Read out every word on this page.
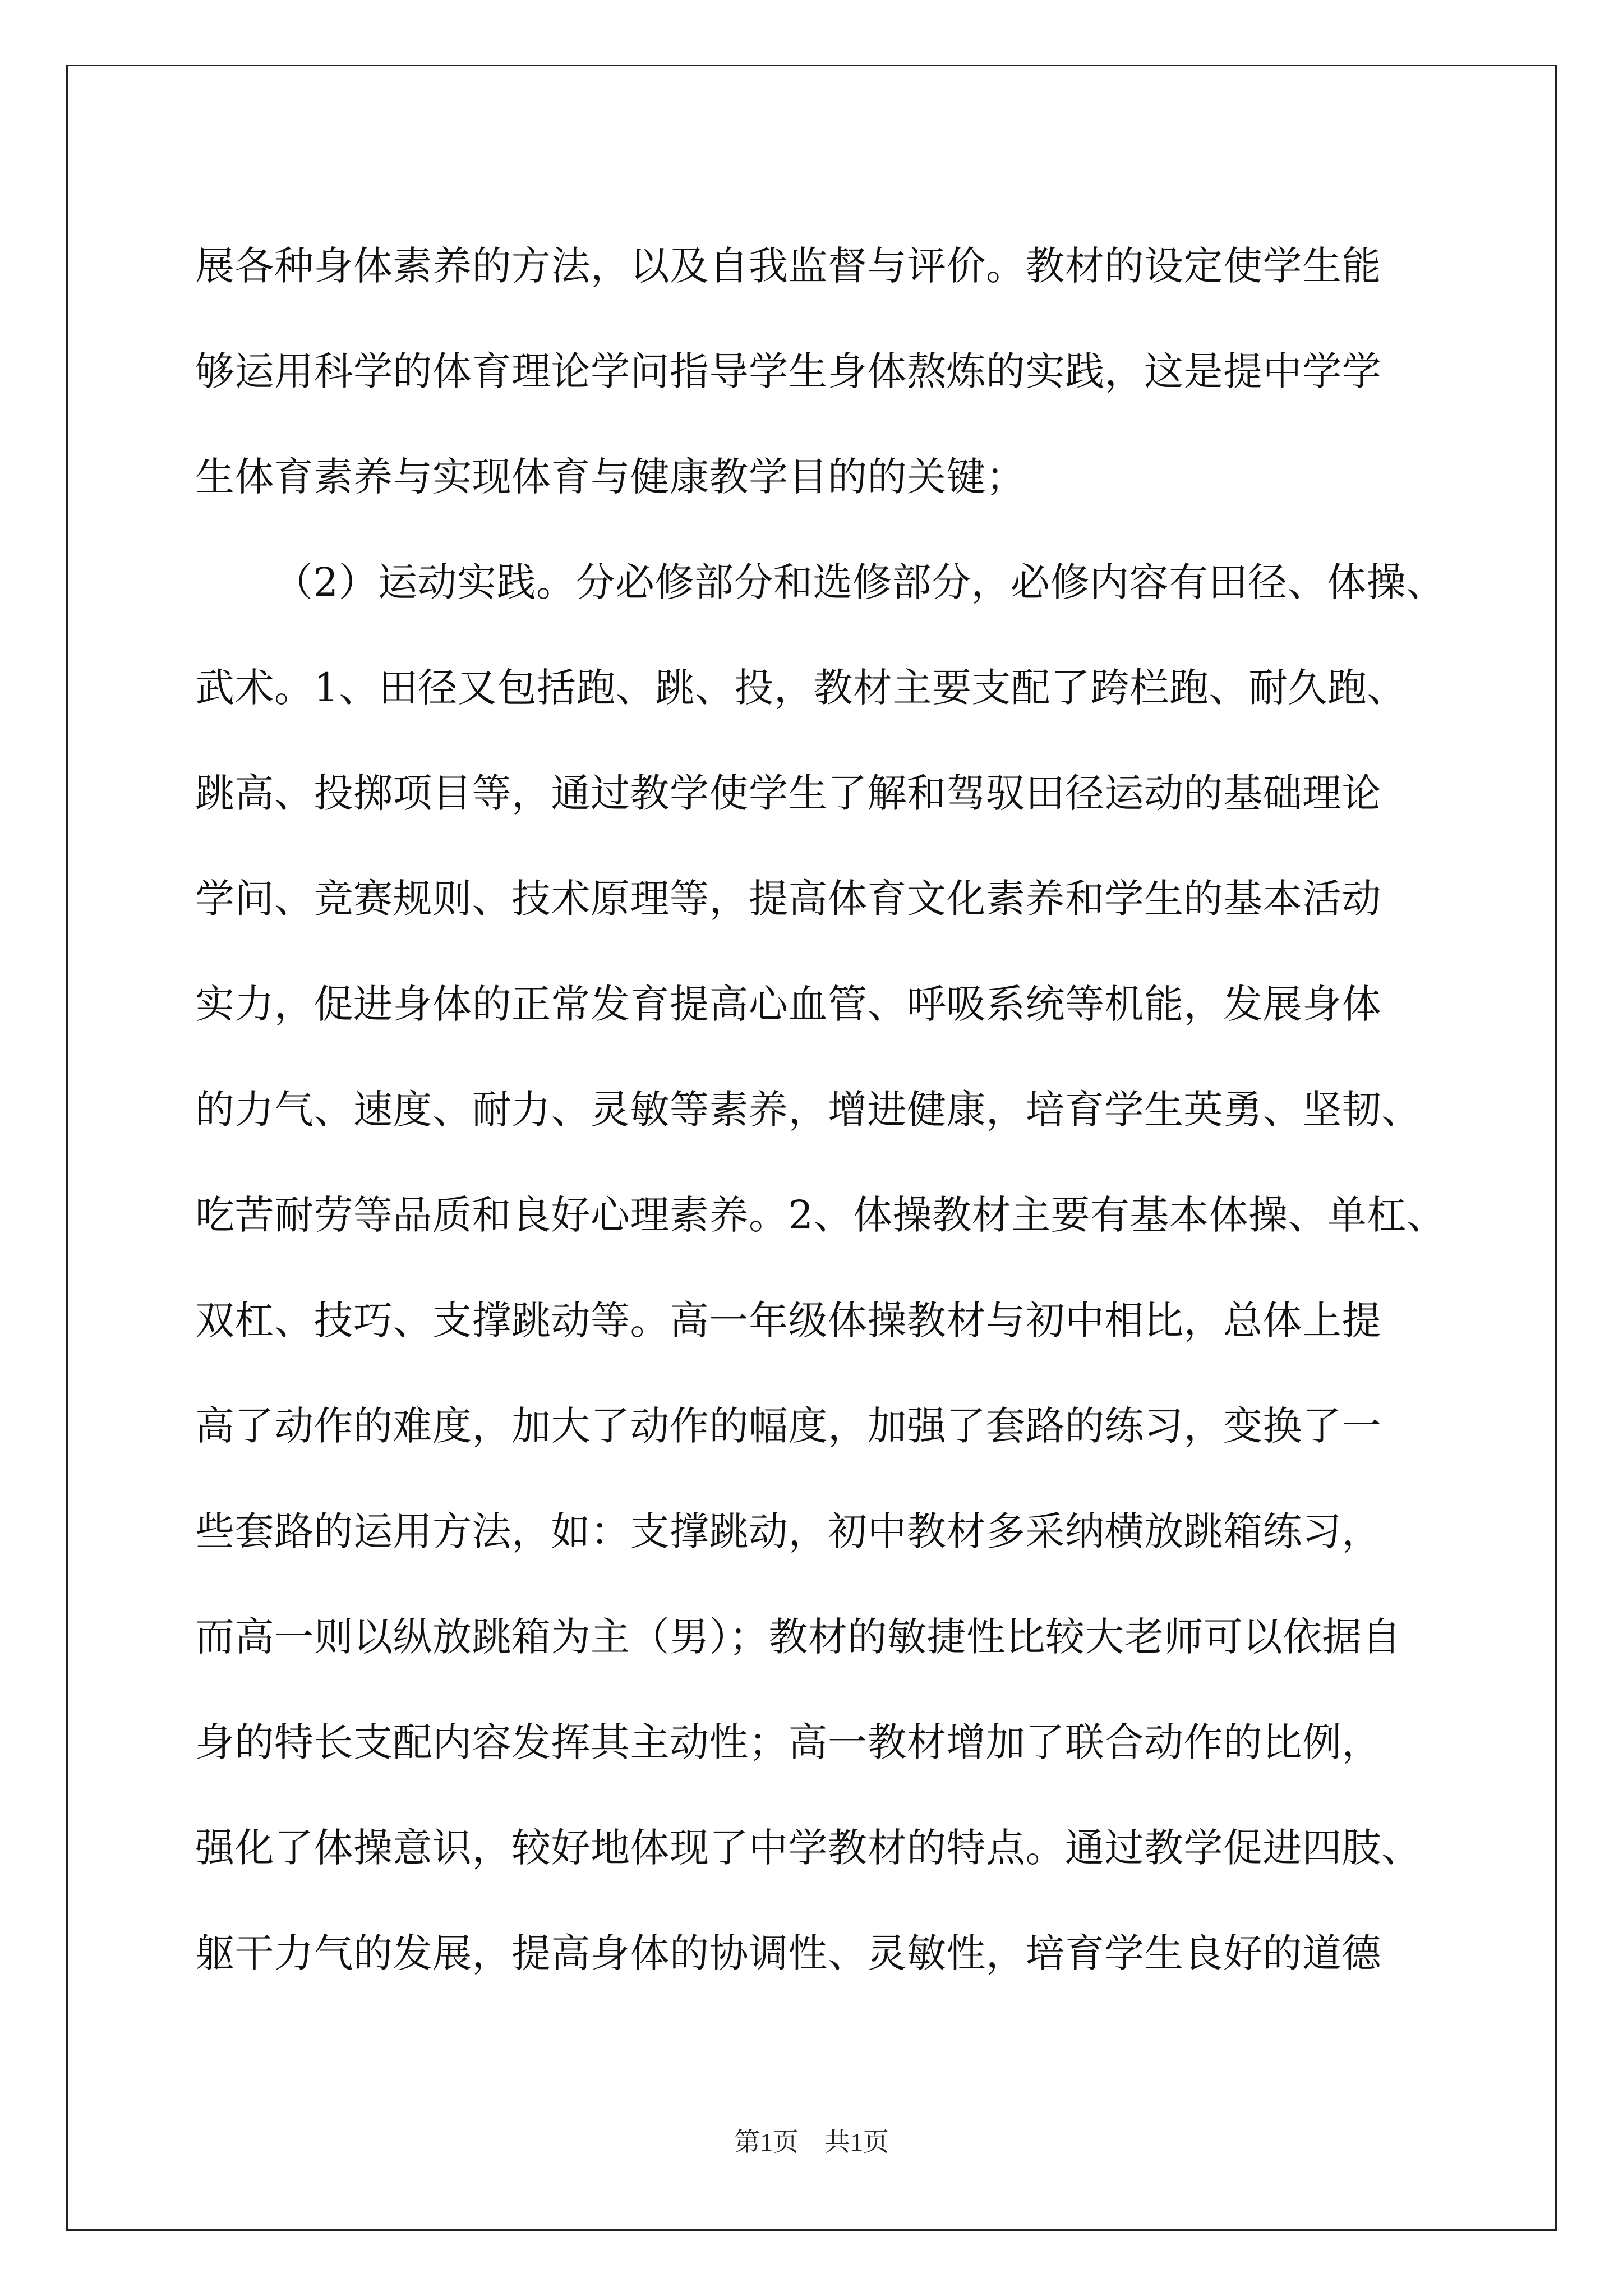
展各种身体素养的方法，以及自我监督与评价。教材的设定使学生能
够运用科学的体育理论学问指导学生身体熬炼的实践，这是提中学学
生体育素养与实现体育与健康教学目的的关键；
（2）运动实践。分必修部分和选修部分，必修内容有田径、体操、
武术。1、田径又包括跑、跳、投，教材主要支配了跨栏跑、耐久跑、
跳高、投掷项目等，通过教学使学生了解和驾驭田径运动的基础理论
学问、竞赛规则、技术原理等，提高体育文化素养和学生的基本活动
实力，促进身体的正常发育提高心血管、呼吸系统等机能，发展身体
的力气、速度、耐力、灵敏等素养，增进健康，培育学生英勇、坚韧、
吃苦耐劳等品质和良好心理素养。2、体操教材主要有基本体操、单杠、
双杠、技巧、支撑跳动等。高一年级体操教材与初中相比，总体上提
高了动作的难度，加大了动作的幅度，加强了套路的练习，变换了一
些套路的运用方法，如：支撑跳动，初中教材多采纳横放跳箱练习，
而高一则以纵放跳箱为主（男）；教材的敏捷性比较大老师可以依据自
身的特长支配内容发挥其主动性；高一教材增加了联合动作的比例，
强化了体操意识，较好地体现了中学教材的特点。通过教学促进四肢、
躯干力气的发展，提高身体的协调性、灵敏性，培育学生良好的道德
第1页　共1页
